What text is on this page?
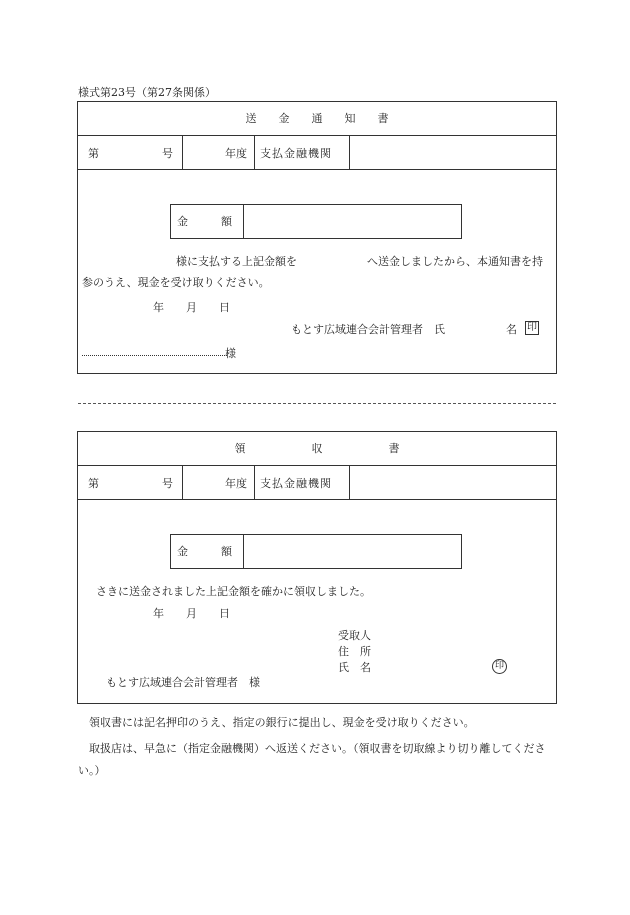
様式第23号（第27条関係）
送　　金　　通　　知　　書
第	号	年度 支払金融機関
金　　　額
様に支払する上記金額を	へ送金しましたから、本通知書を持
参のうえ、現金を受け取りください。
年　　月　　日
もとす広域連合会計管理者　氏	名 印
様
領　　　　　　収　　　　　　書
第	号	年度 支払金融機関
金　　　額
さきに送金されました上記金額を確かに領収しました。
年　　月　　日
受取人
住　所
氏　名	印
もとす広域連合会計管理者　様
領収書には記名押印のうえ、指定の銀行に提出し、現金を受け取りください。
取扱店は、早急に（指定金融機関）へ返送ください。（領収書を切取線より切り離してください。）
